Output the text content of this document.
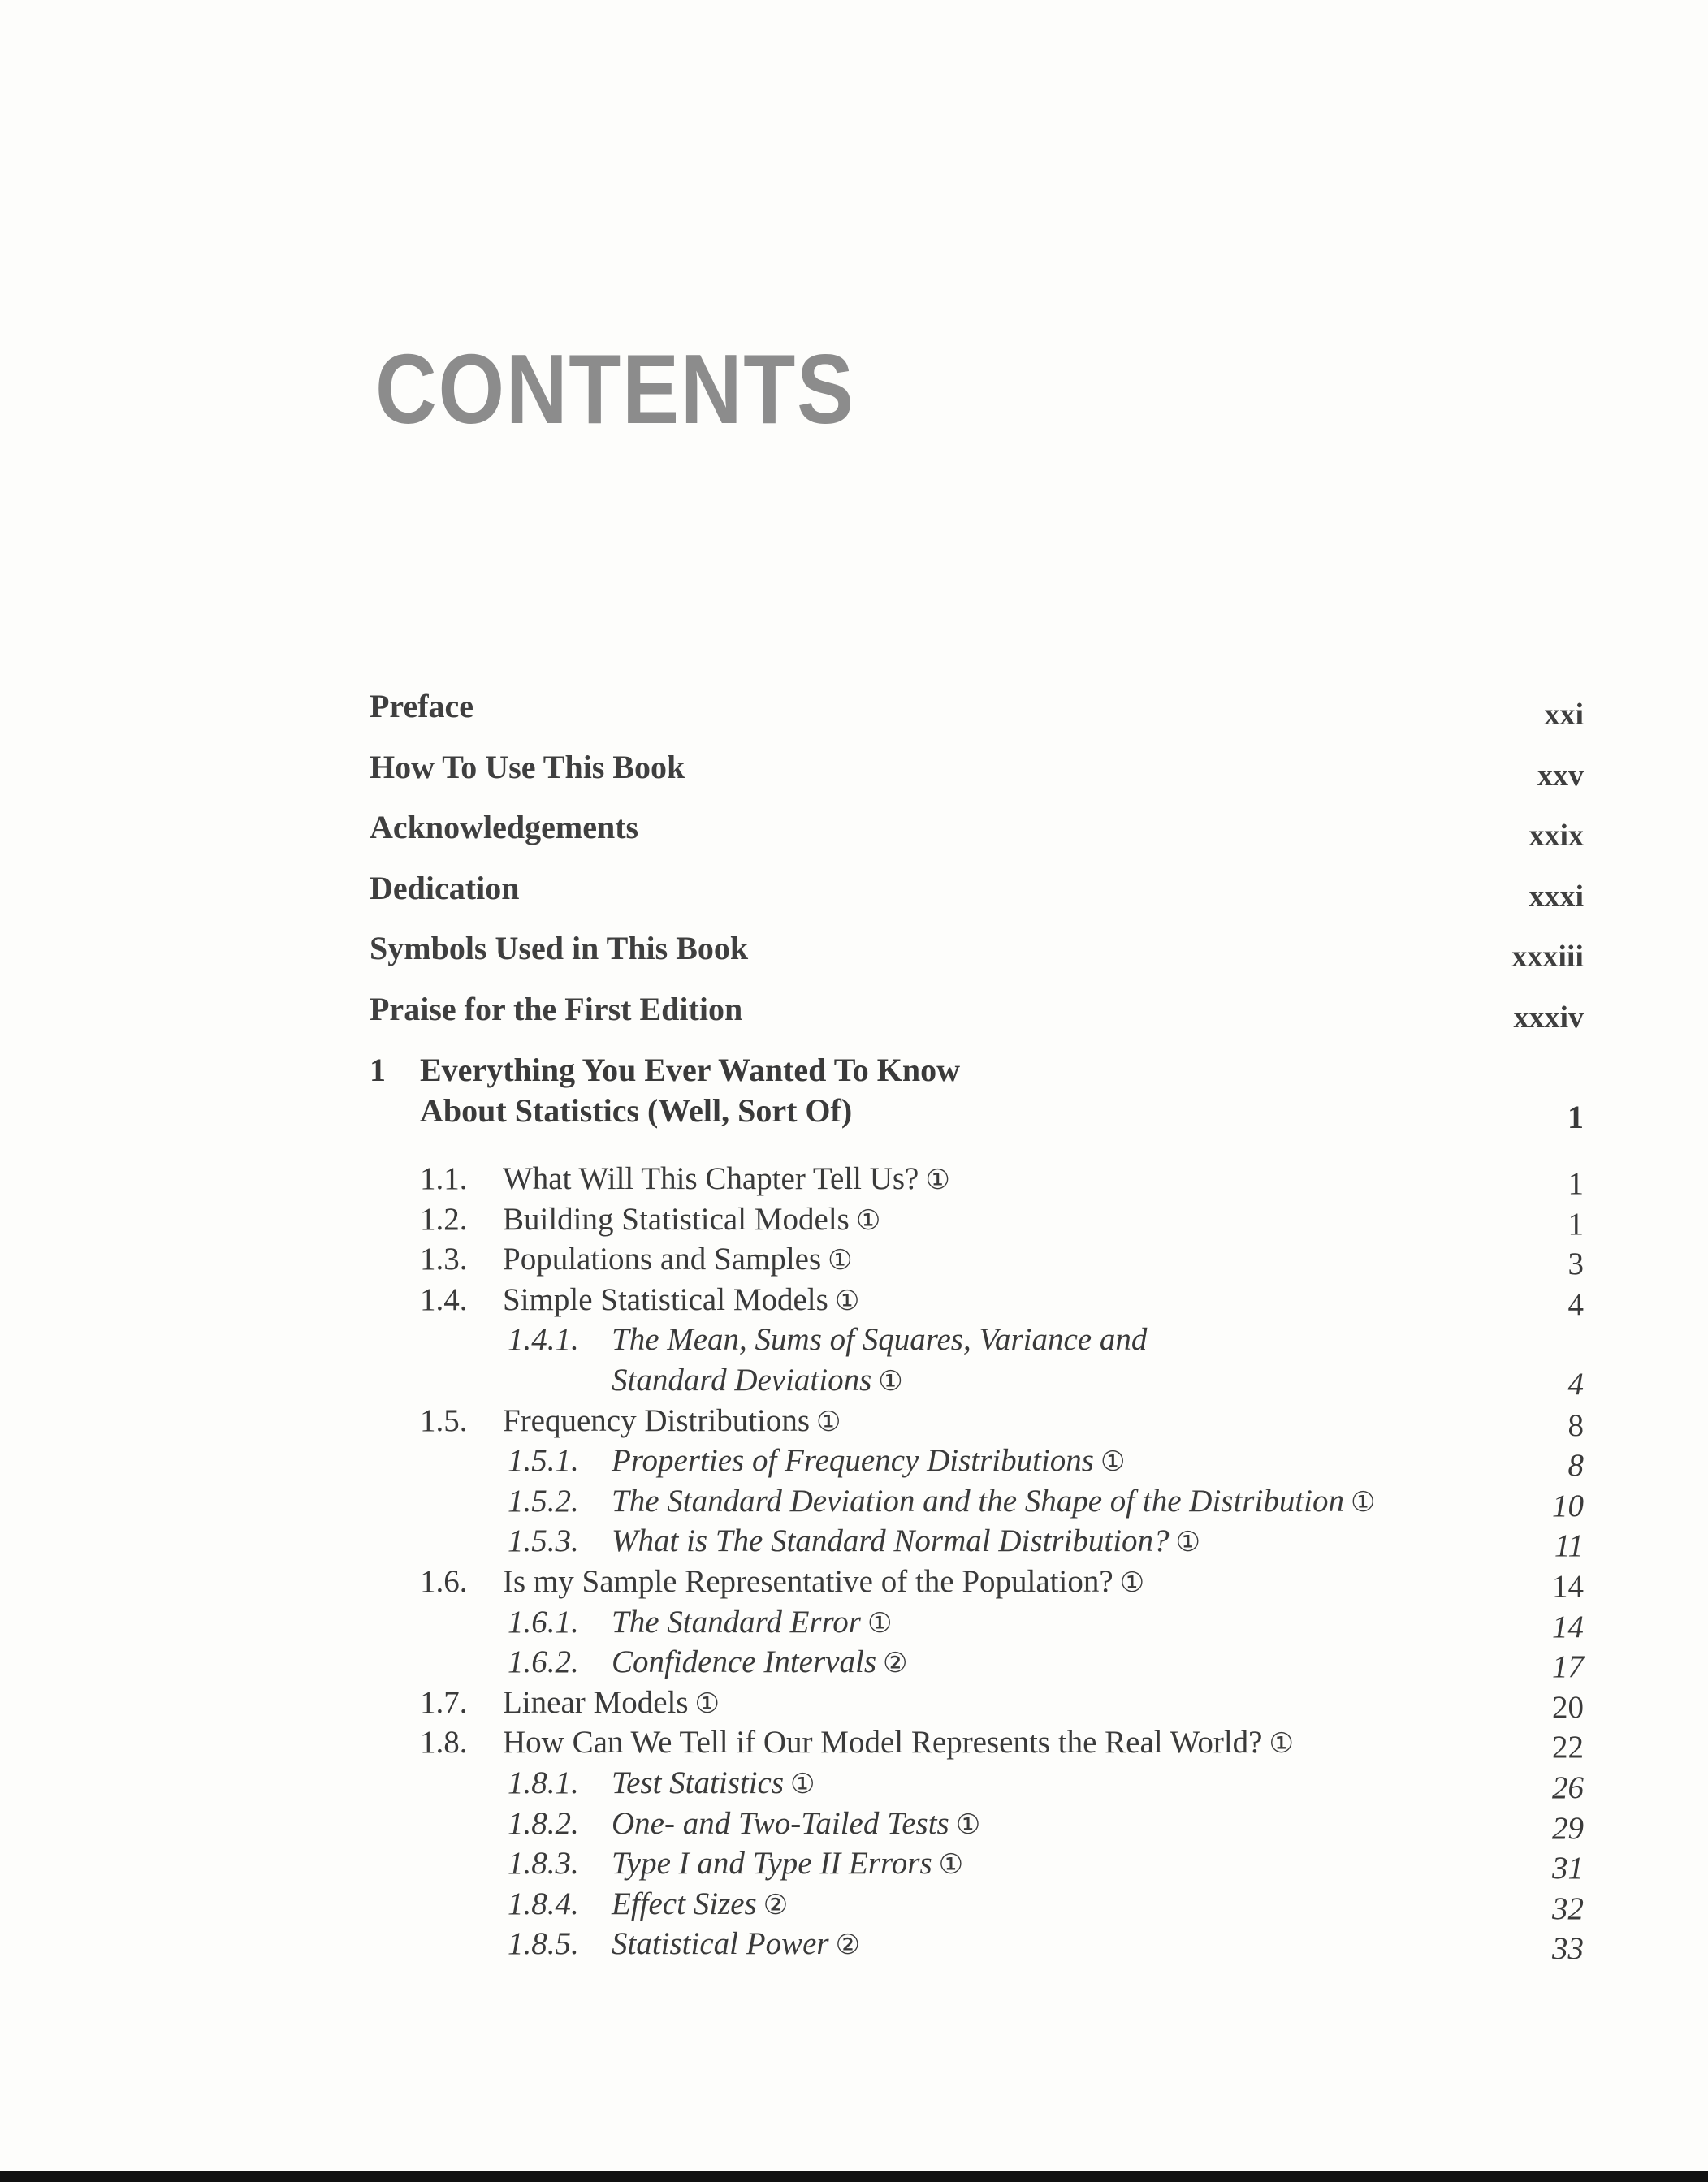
CONTENTS
Preface	xxi
How To Use This Book	xxv
Acknowledgements	xxix
Dedication	xxxi
Symbols Used in This Book	xxxiii
Praise for the First Edition	xxxiv
1 Everything You Ever Wanted To Know
About Statistics (Well, Sort Of)	1
1.1. What Will This Chapter Tell Us? ①	1
1.2. Building Statistical Models ①	1
1.3. Populations and Samples ①	3
1.4. Simple Statistical Models ①	4
1.4.1. The Mean, Sums of Squares, Variance and
Standard Deviations ①	4
1.5. Frequency Distributions ①	8
1.5.1. Properties of Frequency Distributions ①	8
1.5.2. The Standard Deviation and the Shape of the Distribution ①	10
1.5.3. What is The Standard Normal Distribution? ①	11
1.6. Is my Sample Representative of the Population? ①	14
1.6.1. The Standard Error ①	14
1.6.2. Confidence Intervals ②	17
1.7. Linear Models ①	20
1.8. How Can We Tell if Our Model Represents the Real World? ①	22
1.8.1. Test Statistics ①	26
1.8.2. One- and Two-Tailed Tests ①	29
1.8.3. Type I and Type II Errors ①	31
1.8.4. Effect Sizes ②	32
1.8.5. Statistical Power ②	33
